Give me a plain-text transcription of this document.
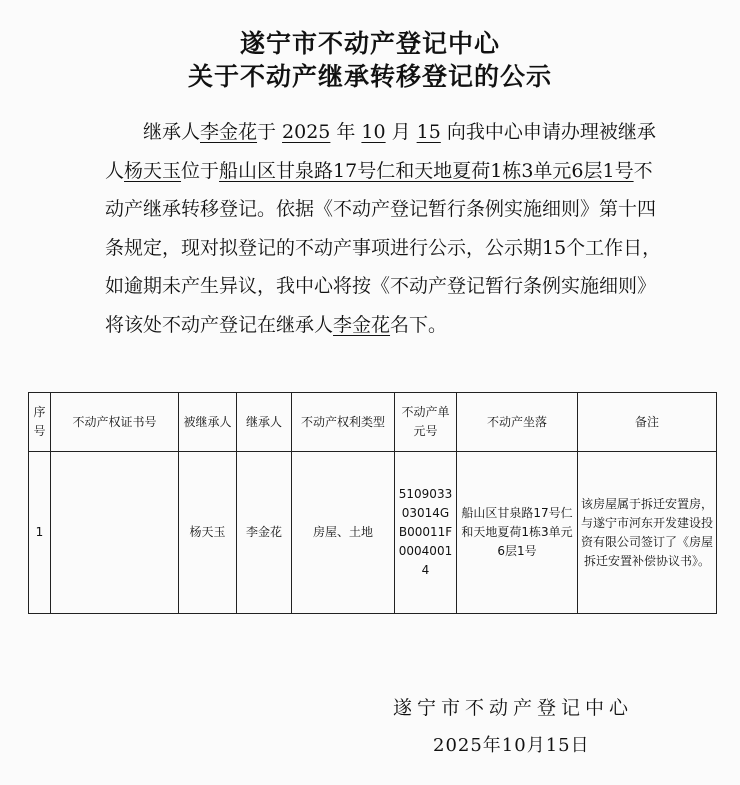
遂宁市不动产登记中心
关于不动产继承转移登记的公示
继承人李金花于 2025 年 10 月 15 向我中心申请办理被继承人杨天玉位于船山区甘泉路17号仁和天地夏荷1栋3单元6层1号不动产继承转移登记。依据《不动产登记暂行条例实施细则》第十四条规定，现对拟登记的不动产事项进行公示，公示期15个工作日，如逾期未产生异议，我中心将按《不动产登记暂行条例实施细则》将该处不动产登记在继承人李金花名下。
序号	不动产权证书号	被继承人	继承人	不动产权利类型	不动产单元号	不动产坐落	备注
1		杨天玉	李金花	房屋、土地	510903303014GB00011F00040014	船山区甘泉路17号仁和天地夏荷1栋3单元6层1号	该房屋属于拆迁安置房，与遂宁市河东开发建设投资有限公司签订了《房屋拆迁安置补偿协议书》。
遂宁市不动产登记中心
2025年10月15日
